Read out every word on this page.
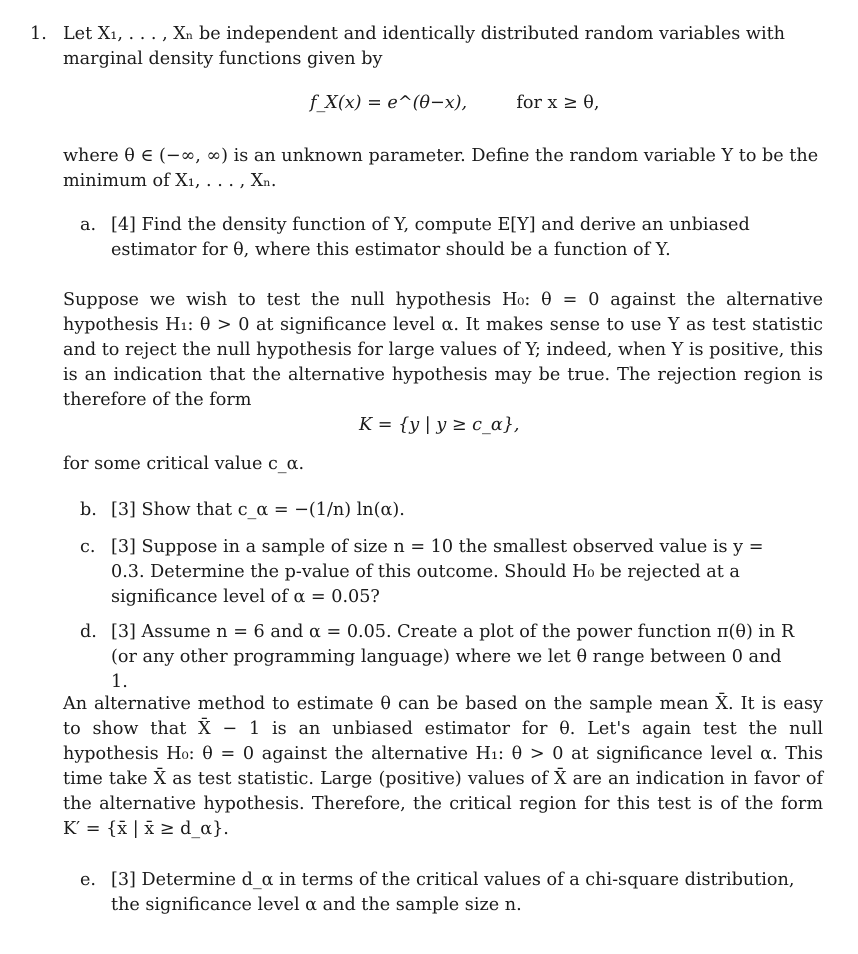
1. Let X₁, . . . , Xₙ be independent and identically distributed random variables with marginal density functions given by
f_X(x) = e^(θ−x),	for x ≥ θ,
where θ ∈ (−∞, ∞) is an unknown parameter. Define the random variable Y to be the minimum of X₁, . . . , Xₙ.
a. [4] Find the density function of Y, compute E[Y] and derive an unbiased estimator for θ, where this estimator should be a function of Y.
Suppose we wish to test the null hypothesis H₀: θ = 0 against the alternative hypothesis H₁: θ > 0 at significance level α. It makes sense to use Y as test statistic and to reject the null hypothesis for large values of Y; indeed, when Y is positive, this is an indication that the alternative hypothesis may be true. The rejection region is therefore of the form
K = {y | y ≥ c_α},
for some critical value c_α.
b. [3] Show that c_α = −(1/n) ln(α).
c. [3] Suppose in a sample of size n = 10 the smallest observed value is y = 0.3. Determine the p-value of this outcome. Should H₀ be rejected at a significance level of α = 0.05?
d. [3] Assume n = 6 and α = 0.05. Create a plot of the power function π(θ) in R (or any other programming language) where we let θ range between 0 and 1.
An alternative method to estimate θ can be based on the sample mean X̄. It is easy to show that X̄ − 1 is an unbiased estimator for θ. Let's again test the null hypothesis H₀: θ = 0 against the alternative H₁: θ > 0 at significance level α. This time take X̄ as test statistic. Large (positive) values of X̄ are an indication in favor of the alternative hypothesis. Therefore, the critical region for this test is of the form K′ = {x̄ | x̄ ≥ d_α}.
e. [3] Determine d_α in terms of the critical values of a chi-square distribution, the significance level α and the sample size n.
